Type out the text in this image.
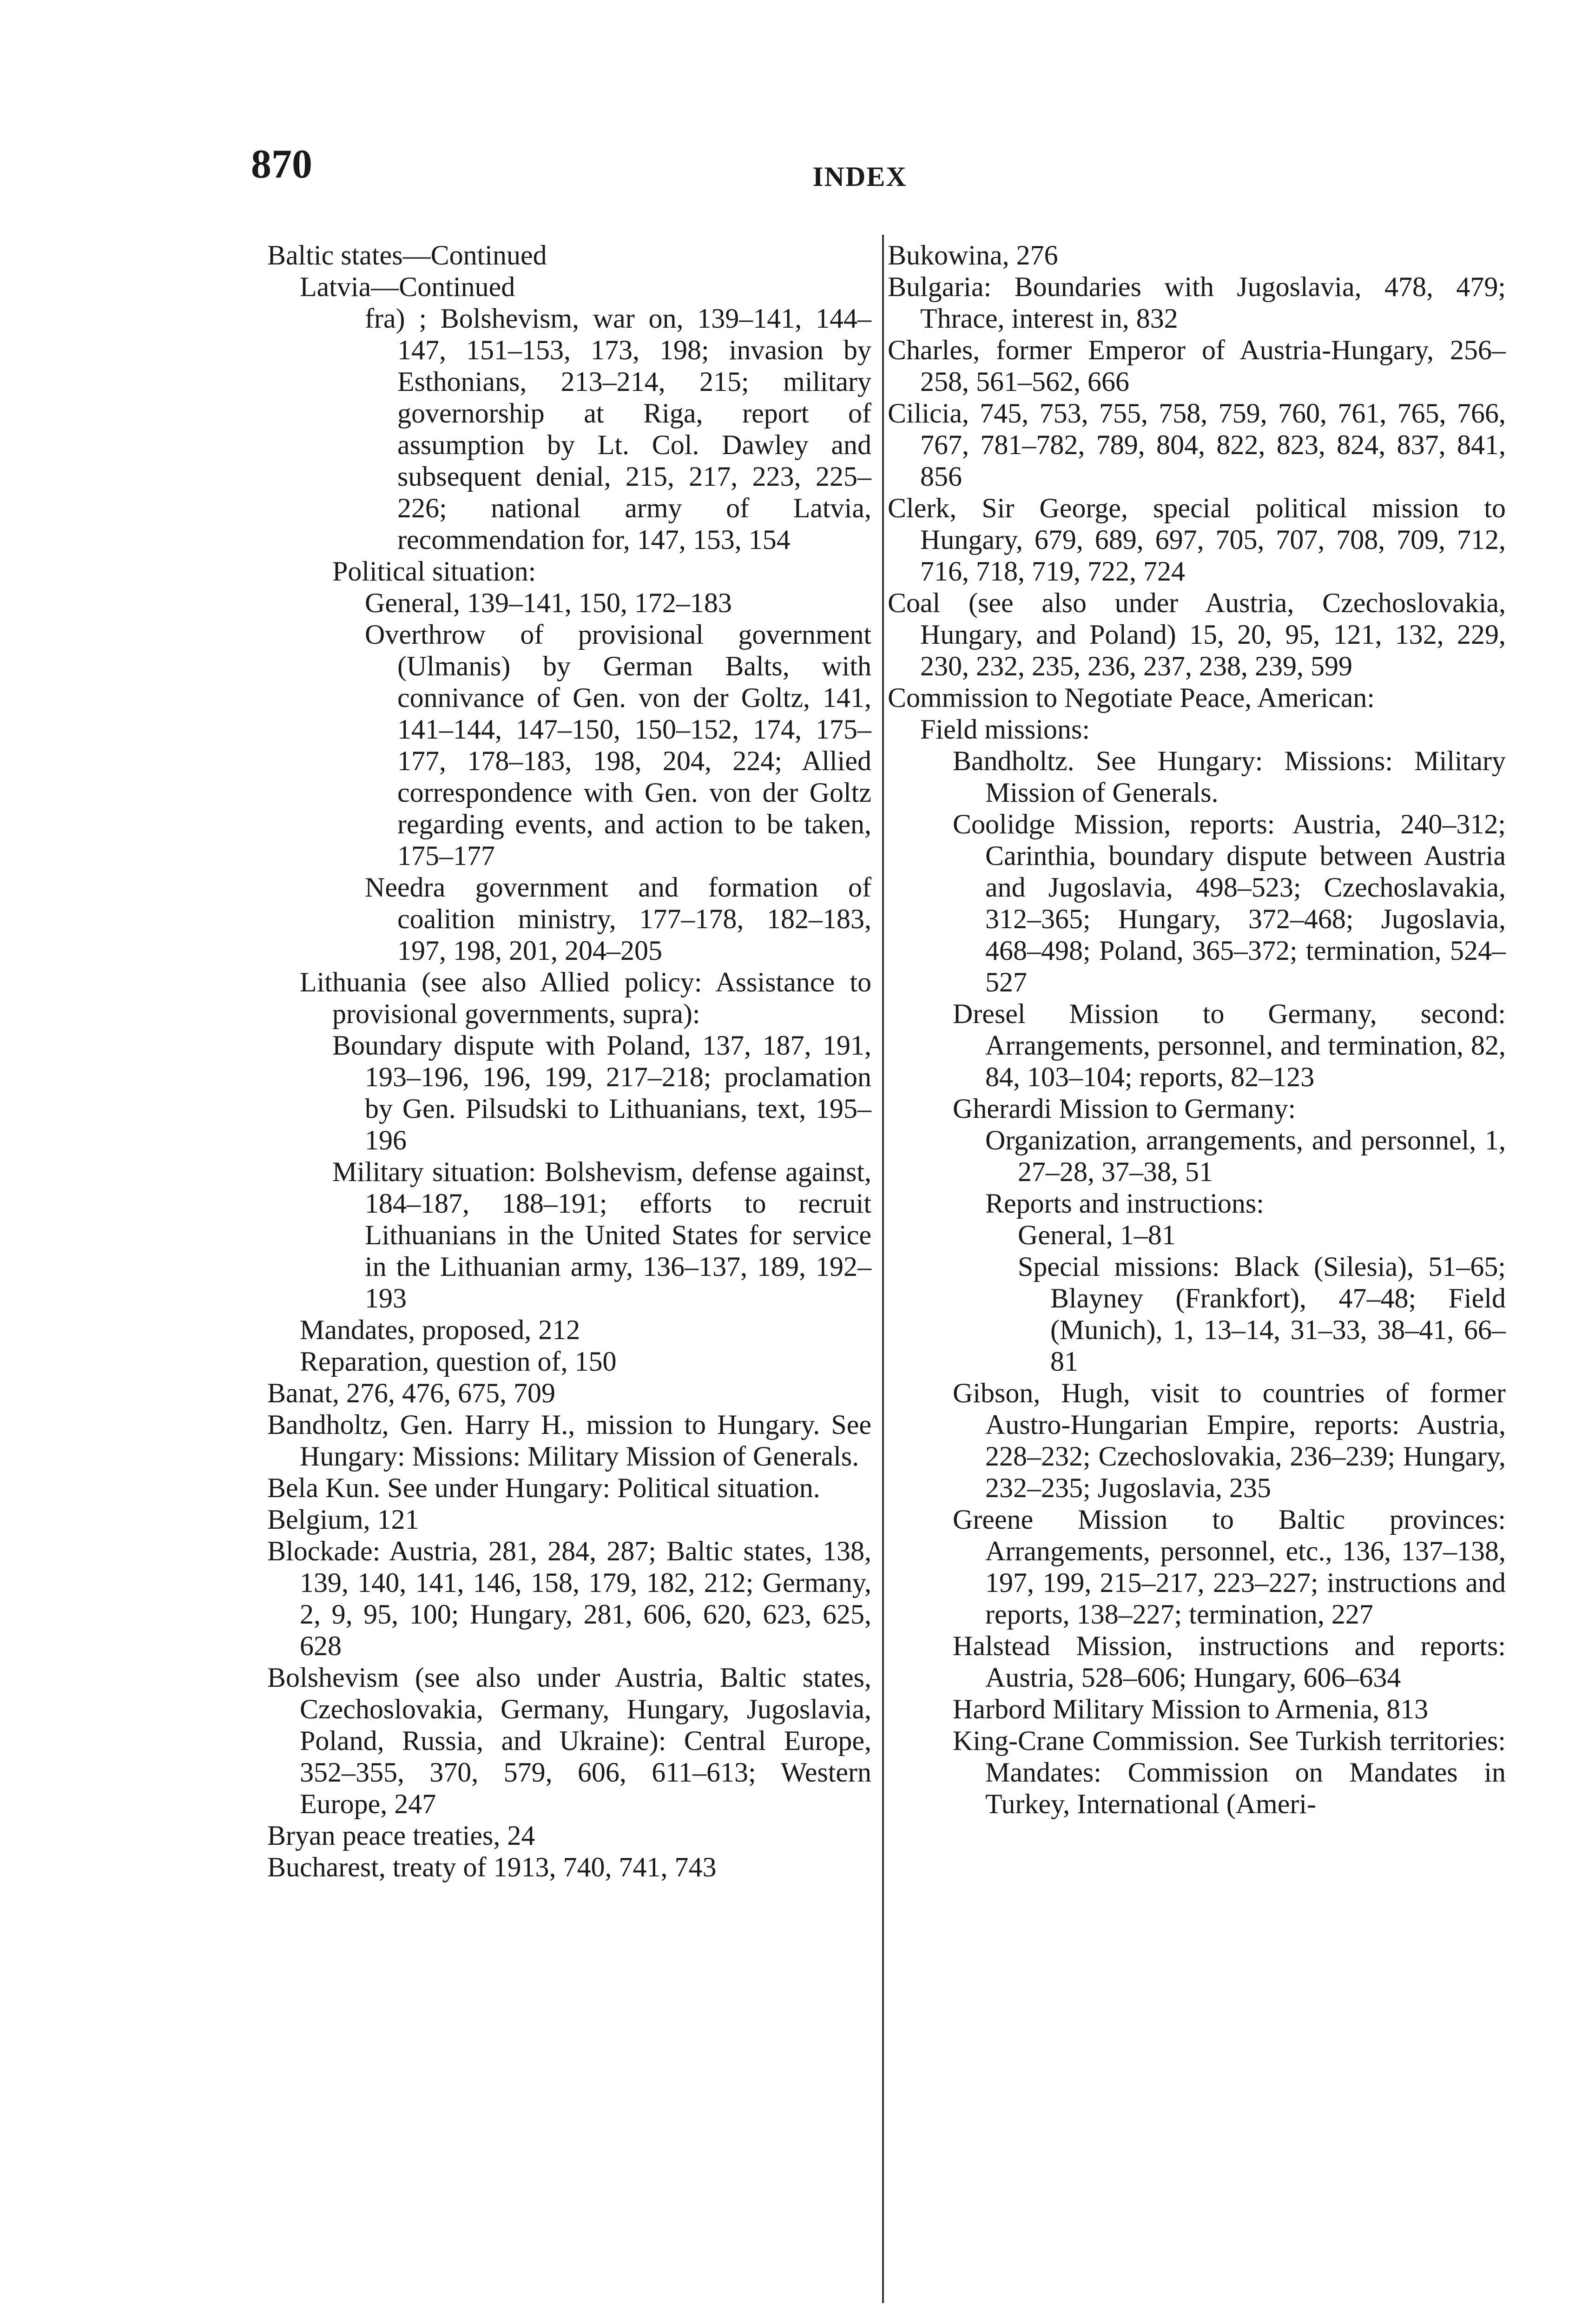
870	INDEX

Baltic states—Continued

Latvia—Continued

fra) ; Bolshevism, war on, 139–141, 144–147, 151–153, 173, 198; invasion by Esthonians, 213–214, 215; military governorship at Riga, report of assumption by Lt. Col. Dawley and subsequent denial, 215, 217, 223, 225–226; national army of Latvia, recommendation for, 147, 153, 154

Political situation:

General, 139–141, 150, 172–183

Overthrow of provisional government (Ulmanis) by German Balts, with connivance of Gen. von der Goltz, 141, 141–144, 147–150, 150–152, 174, 175–177, 178–183, 198, 204, 224; Allied correspondence with Gen. von der Goltz regarding events, and action to be taken, 175–177

Needra government and formation of coalition ministry, 177–178, 182–183, 197, 198, 201, 204–205

Lithuania (see also Allied policy: Assistance to provisional governments, supra):

Boundary dispute with Poland, 137, 187, 191, 193–196, 196, 199, 217–218; proclamation by Gen. Pilsudski to Lithuanians, text, 195–196

Military situation: Bolshevism, defense against, 184–187, 188–191; efforts to recruit Lithuanians in the United States for service in the Lithuanian army, 136–137, 189, 192–193

Mandates, proposed, 212

Reparation, question of, 150

Banat, 276, 476, 675, 709

Bandholtz, Gen. Harry H., mission to Hungary. See Hungary: Missions: Military Mission of Generals.

Bela Kun. See under Hungary: Political situation.

Belgium, 121

Blockade: Austria, 281, 284, 287; Baltic states, 138, 139, 140, 141, 146, 158, 179, 182, 212; Germany, 2, 9, 95, 100; Hungary, 281, 606, 620, 623, 625, 628

Bolshevism (see also under Austria, Baltic states, Czechoslovakia, Germany, Hungary, Jugoslavia, Poland, Russia, and Ukraine): Central Europe, 352–355, 370, 579, 606, 611–613; Western Europe, 247

Bryan peace treaties, 24

Bucharest, treaty of 1913, 740, 741, 743

Bukowina, 276

Bulgaria: Boundaries with Jugoslavia, 478, 479; Thrace, interest in, 832

Charles, former Emperor of Austria-Hungary, 256–258, 561–562, 666

Cilicia, 745, 753, 755, 758, 759, 760, 761, 765, 766, 767, 781–782, 789, 804, 822, 823, 824, 837, 841, 856

Clerk, Sir George, special political mission to Hungary, 679, 689, 697, 705, 707, 708, 709, 712, 716, 718, 719, 722, 724

Coal (see also under Austria, Czechoslovakia, Hungary, and Poland) 15, 20, 95, 121, 132, 229, 230, 232, 235, 236, 237, 238, 239, 599

Commission to Negotiate Peace, American:

Field missions:

Bandholtz. See Hungary: Missions: Military Mission of Generals.

Coolidge Mission, reports: Austria, 240–312; Carinthia, boundary dispute between Austria and Jugoslavia, 498–523; Czechoslavakia, 312–365; Hungary, 372–468; Jugoslavia, 468–498; Poland, 365–372; termination, 524–527

Dresel Mission to Germany, second: Arrangements, personnel, and termination, 82, 84, 103–104; reports, 82–123

Gherardi Mission to Germany:

Organization, arrangements, and personnel, 1, 27–28, 37–38, 51

Reports and instructions:

General, 1–81

Special missions: Black (Silesia), 51–65; Blayney (Frankfort), 47–48; Field (Munich), 1, 13–14, 31–33, 38–41, 66–81

Gibson, Hugh, visit to countries of former Austro-Hungarian Empire, reports: Austria, 228–232; Czechoslovakia, 236–239; Hungary, 232–235; Jugoslavia, 235

Greene Mission to Baltic provinces: Arrangements, personnel, etc., 136, 137–138, 197, 199, 215–217, 223–227; instructions and reports, 138–227; termination, 227

Halstead Mission, instructions and reports: Austria, 528–606; Hungary, 606–634

Harbord Military Mission to Armenia, 813

King-Crane Commission. See Turkish territories: Mandates: Commission on Mandates in Turkey, International (Ameri-
